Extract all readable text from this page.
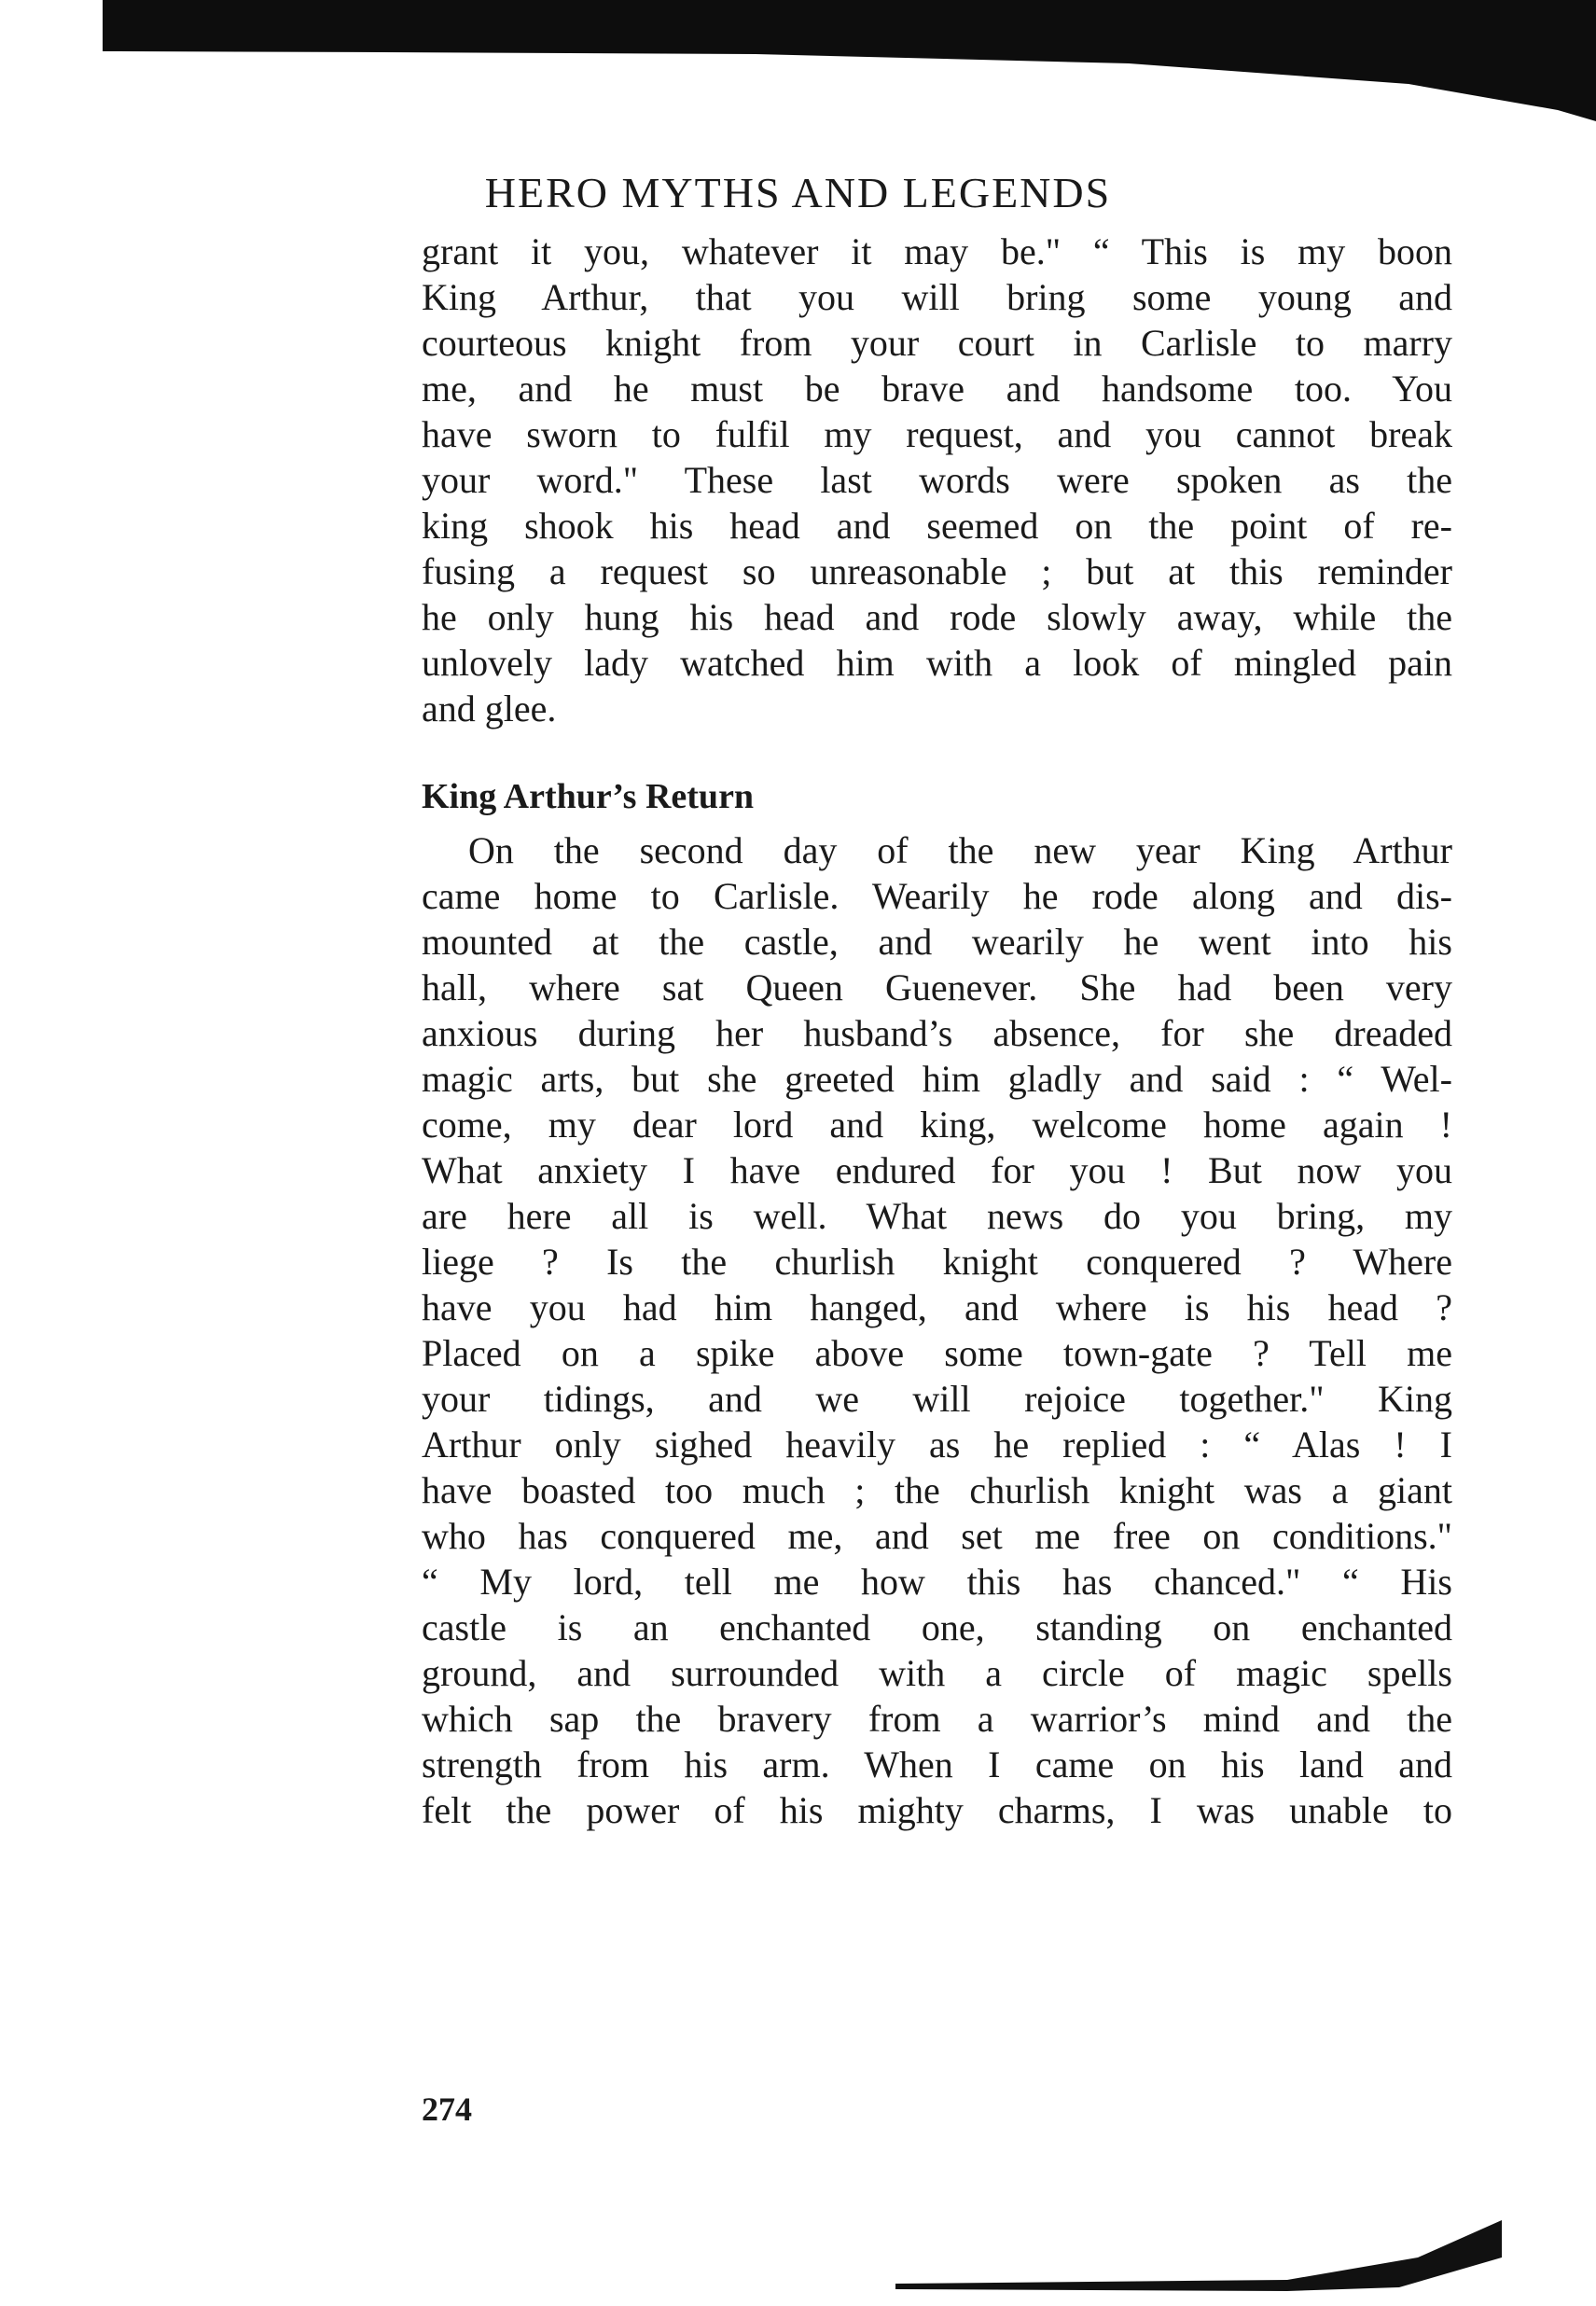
HERO MYTHS AND LEGENDS
grant it you, whatever it may be." “ This is my boon
King Arthur, that you will bring some young and
courteous knight from your court in Carlisle to marry
me, and he must be brave and handsome too. You
have sworn to fulfil my request, and you cannot break
your word." These last words were spoken as the
king shook his head and seemed on the point of re-
fusing a request so unreasonable ; but at this reminder
he only hung his head and rode slowly away, while the
unlovely lady watched him with a look of mingled pain
and glee.
King Arthur’s Return
On the second day of the new year King Arthur
came home to Carlisle. Wearily he rode along and dis-
mounted at the castle, and wearily he went into his
hall, where sat Queen Guenever. She had been very
anxious during her husband’s absence, for she dreaded
magic arts, but she greeted him gladly and said : “ Wel-
come, my dear lord and king, welcome home again !
What anxiety I have endured for you ! But now you
are here all is well. What news do you bring, my
liege ? Is the churlish knight conquered ? Where
have you had him hanged, and where is his head ?
Placed on a spike above some town-gate ? Tell me
your tidings, and we will rejoice together." King
Arthur only sighed heavily as he replied : “ Alas ! I
have boasted too much ; the churlish knight was a giant
who has conquered me, and set me free on conditions."
“ My lord, tell me how this has chanced." “ His
castle is an enchanted one, standing on enchanted
ground, and surrounded with a circle of magic spells
which sap the bravery from a warrior’s mind and the
strength from his arm. When I came on his land and
felt the power of his mighty charms, I was unable to
274
